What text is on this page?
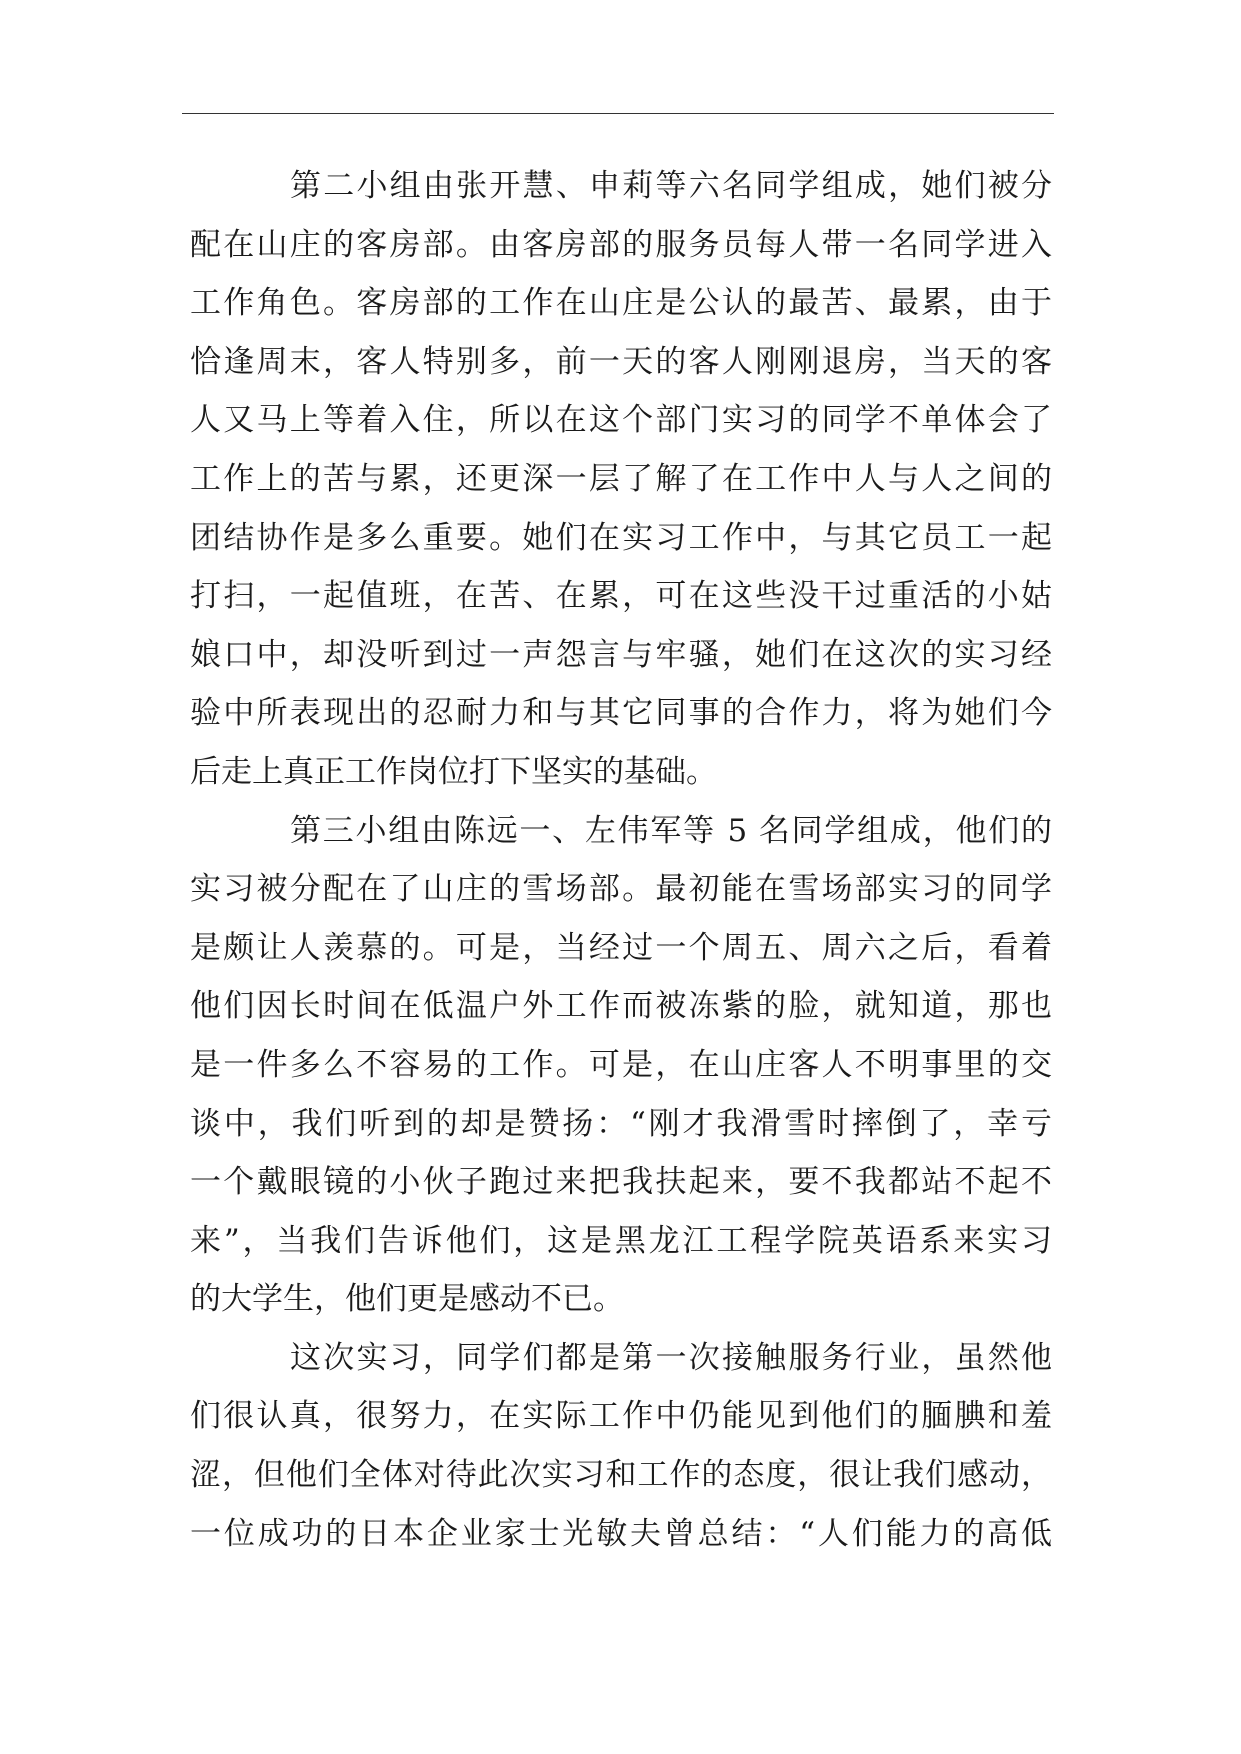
第二小组由张开慧、申莉等六名同学组成，她们被分
配在山庄的客房部。由客房部的服务员每人带一名同学进入
工作角色。客房部的工作在山庄是公认的最苦、最累，由于
恰逢周末，客人特别多，前一天的客人刚刚退房，当天的客
人又马上等着入住，所以在这个部门实习的同学不单体会了
工作上的苦与累，还更深一层了解了在工作中人与人之间的
团结协作是多么重要。她们在实习工作中，与其它员工一起
打扫，一起值班，在苦、在累，可在这些没干过重活的小姑
娘口中，却没听到过一声怨言与牢骚，她们在这次的实习经
验中所表现出的忍耐力和与其它同事的合作力，将为她们今
后走上真正工作岗位打下坚实的基础。
第三小组由陈远一、左伟军等 5 名同学组成，他们的
实习被分配在了山庄的雪场部。最初能在雪场部实习的同学
是颇让人羡慕的。可是，当经过一个周五、周六之后，看着
他们因长时间在低温户外工作而被冻紫的脸，就知道，那也
是一件多么不容易的工作。可是，在山庄客人不明事里的交
谈中，我们听到的却是赞扬：“刚才我滑雪时摔倒了，幸亏
一个戴眼镜的小伙子跑过来把我扶起来，要不我都站不起不
来”，当我们告诉他们，这是黑龙江工程学院英语系来实习
的大学生，他们更是感动不已。
这次实习，同学们都是第一次接触服务行业，虽然他
们很认真，很努力，在实际工作中仍能见到他们的腼腆和羞
涩，但他们全体对待此次实习和工作的态度，很让我们感动，
一位成功的日本企业家士光敏夫曾总结：“人们能力的高低
